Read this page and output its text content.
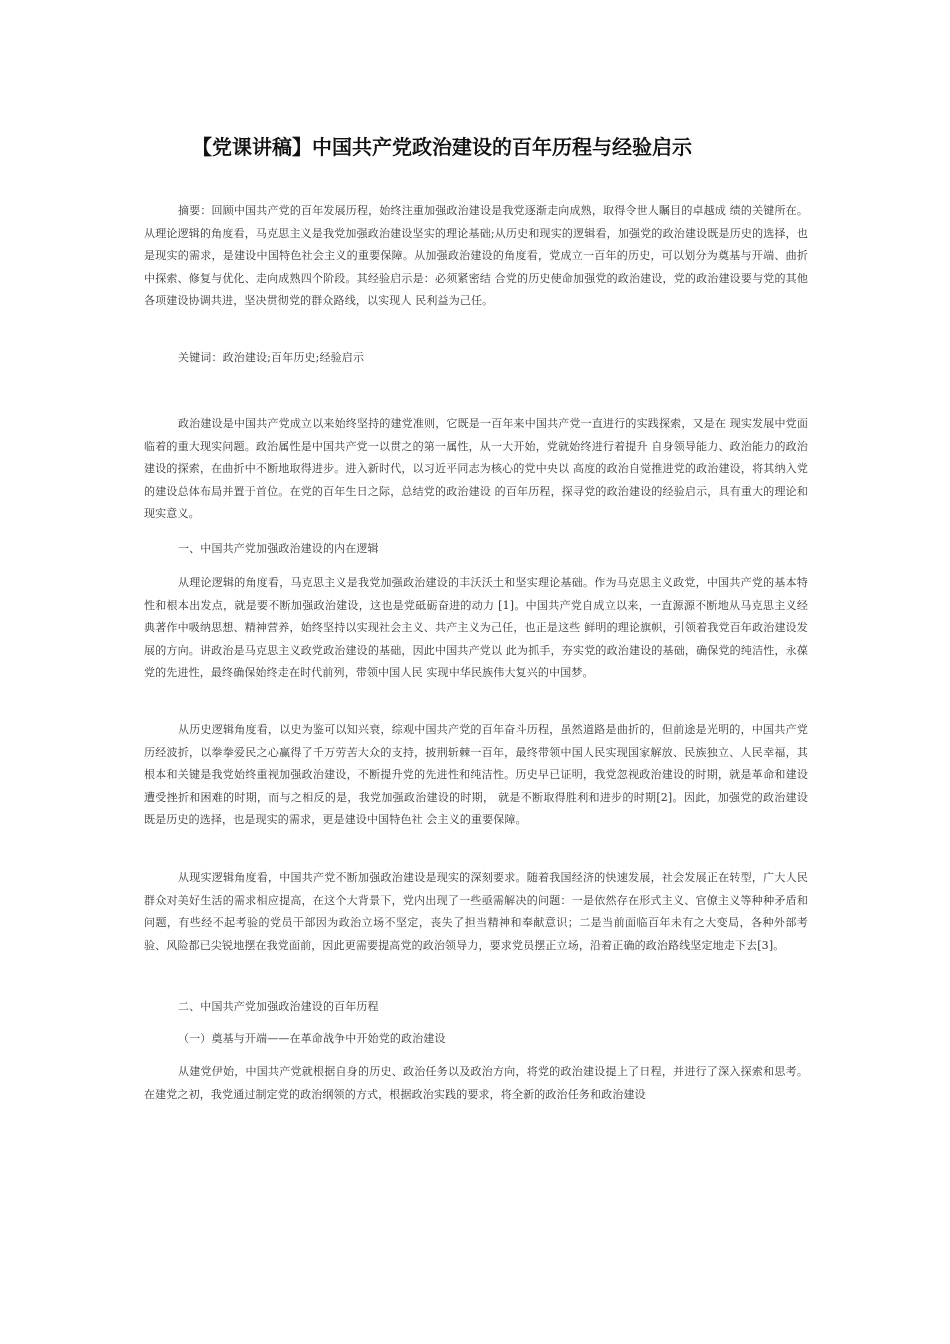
【党课讲稿】中国共产党政治建设的百年历程与经验启示
摘要：回顾中国共产党的百年发展历程，始终注重加强政治建设是我党逐渐走向成熟，取得令世人瞩目的卓越成 绩的关键所在。从理论逻辑的角度看，马克思主义是我党加强政治建设坚实的理论基础;从历史和现实的逻辑看，加强党的政治建设既是历史的选择，也是现实的需求，是建设中国特色社会主义的重要保障。从加强政治建设的角度看，党成立一百年的历史，可以划分为奠基与开端、曲折中探索、修复与优化、走向成熟四个阶段。其经验启示是：必须紧密结 合党的历史使命加强党的政治建设，党的政治建设要与党的其他各项建设协调共进，坚决贯彻党的群众路线，以实现人 民利益为己任。
关键词：政治建设;百年历史;经验启示
政治建设是中国共产党成立以来始终坚持的建党准则，它既是一百年来中国共产党一直进行的实践探索，又是在 现实发展中党面临着的重大现实问题。政治属性是中国共产党一以贯之的第一属性，从一大开始，党就始终进行着提升 自身领导能力、政治能力的政治建设的探索，在曲折中不断地取得进步。进入新时代，以习近平同志为核心的党中央以 高度的政治自觉推进党的政治建设，将其纳入党的建设总体布局并置于首位。在党的百年生日之际，总结党的政治建设 的百年历程，探寻党的政治建设的经验启示，具有重大的理论和现实意义。
一、中国共产党加强政治建设的内在逻辑
从理论逻辑的角度看，马克思主义是我党加强政治建设的丰沃沃土和坚实理论基础。作为马克思主义政党，中国共产党的基本特性和根本出发点，就是要不断加强政治建设，这也是党砥砺奋进的动力 [1]。中国共产党自成立以来，一直源源不断地从马克思主义经典著作中吸纳思想、精神营养，始终坚持以实现社会主义、共产主义为己任，也正是这些 鲜明的理论旗帜，引领着我党百年政治建设发展的方向。讲政治是马克思主义政党政治建设的基础，因此中国共产党以 此为抓手，夯实党的政治建设的基础，确保党的纯洁性，永葆党的先进性，最终确保始终走在时代前列，带领中国人民 实现中华民族伟大复兴的中国梦。
从历史逻辑角度看，以史为鉴可以知兴衰，综观中国共产党的百年奋斗历程，虽然道路是曲折的，但前途是光明的，中国共产党历经波折，以拳拳爱民之心赢得了千万劳苦大众的支持，披荆斩棘一百年，最终带领中国人民实现国家解放、民族独立、人民幸福，其根本和关键是我党始终重视加强政治建设，不断提升党的先进性和纯洁性。历史早已证明，我党忽视政治建设的时期，就是革命和建设遭受挫折和困难的时期，而与之相反的是，我党加强政治建设的时期， 就是不断取得胜利和进步的时期[2]。因此，加强党的政治建设既是历史的选择，也是现实的需求，更是建设中国特色社 会主义的重要保障。
从现实逻辑角度看，中国共产党不断加强政治建设是现实的深刻要求。随着我国经济的快速发展，社会发展正在转型，广大人民群众对美好生活的需求相应提高，在这个大背景下，党内出现了一些亟需解决的问题：一是依然存在形式主义、官僚主义等种种矛盾和问题，有些经不起考验的党员干部因为政治立场不坚定，丧失了担当精神和奉献意识；二是当前面临百年未有之大变局，各种外部考验、风险都已尖锐地摆在我党面前，因此更需要提高党的政治领导力，要求党员摆正立场，沿着正确的政治路线坚定地走下去[3]。
二、中国共产党加强政治建设的百年历程
（一）奠基与开端——在革命战争中开始党的政治建设
从建党伊始，中国共产党就根据自身的历史、政治任务以及政治方向，将党的政治建设提上了日程，并进行了深入探索和思考。在建党之初，我党通过制定党的政治纲领的方式，根据政治实践的要求，将全新的政治任务和政治建设
